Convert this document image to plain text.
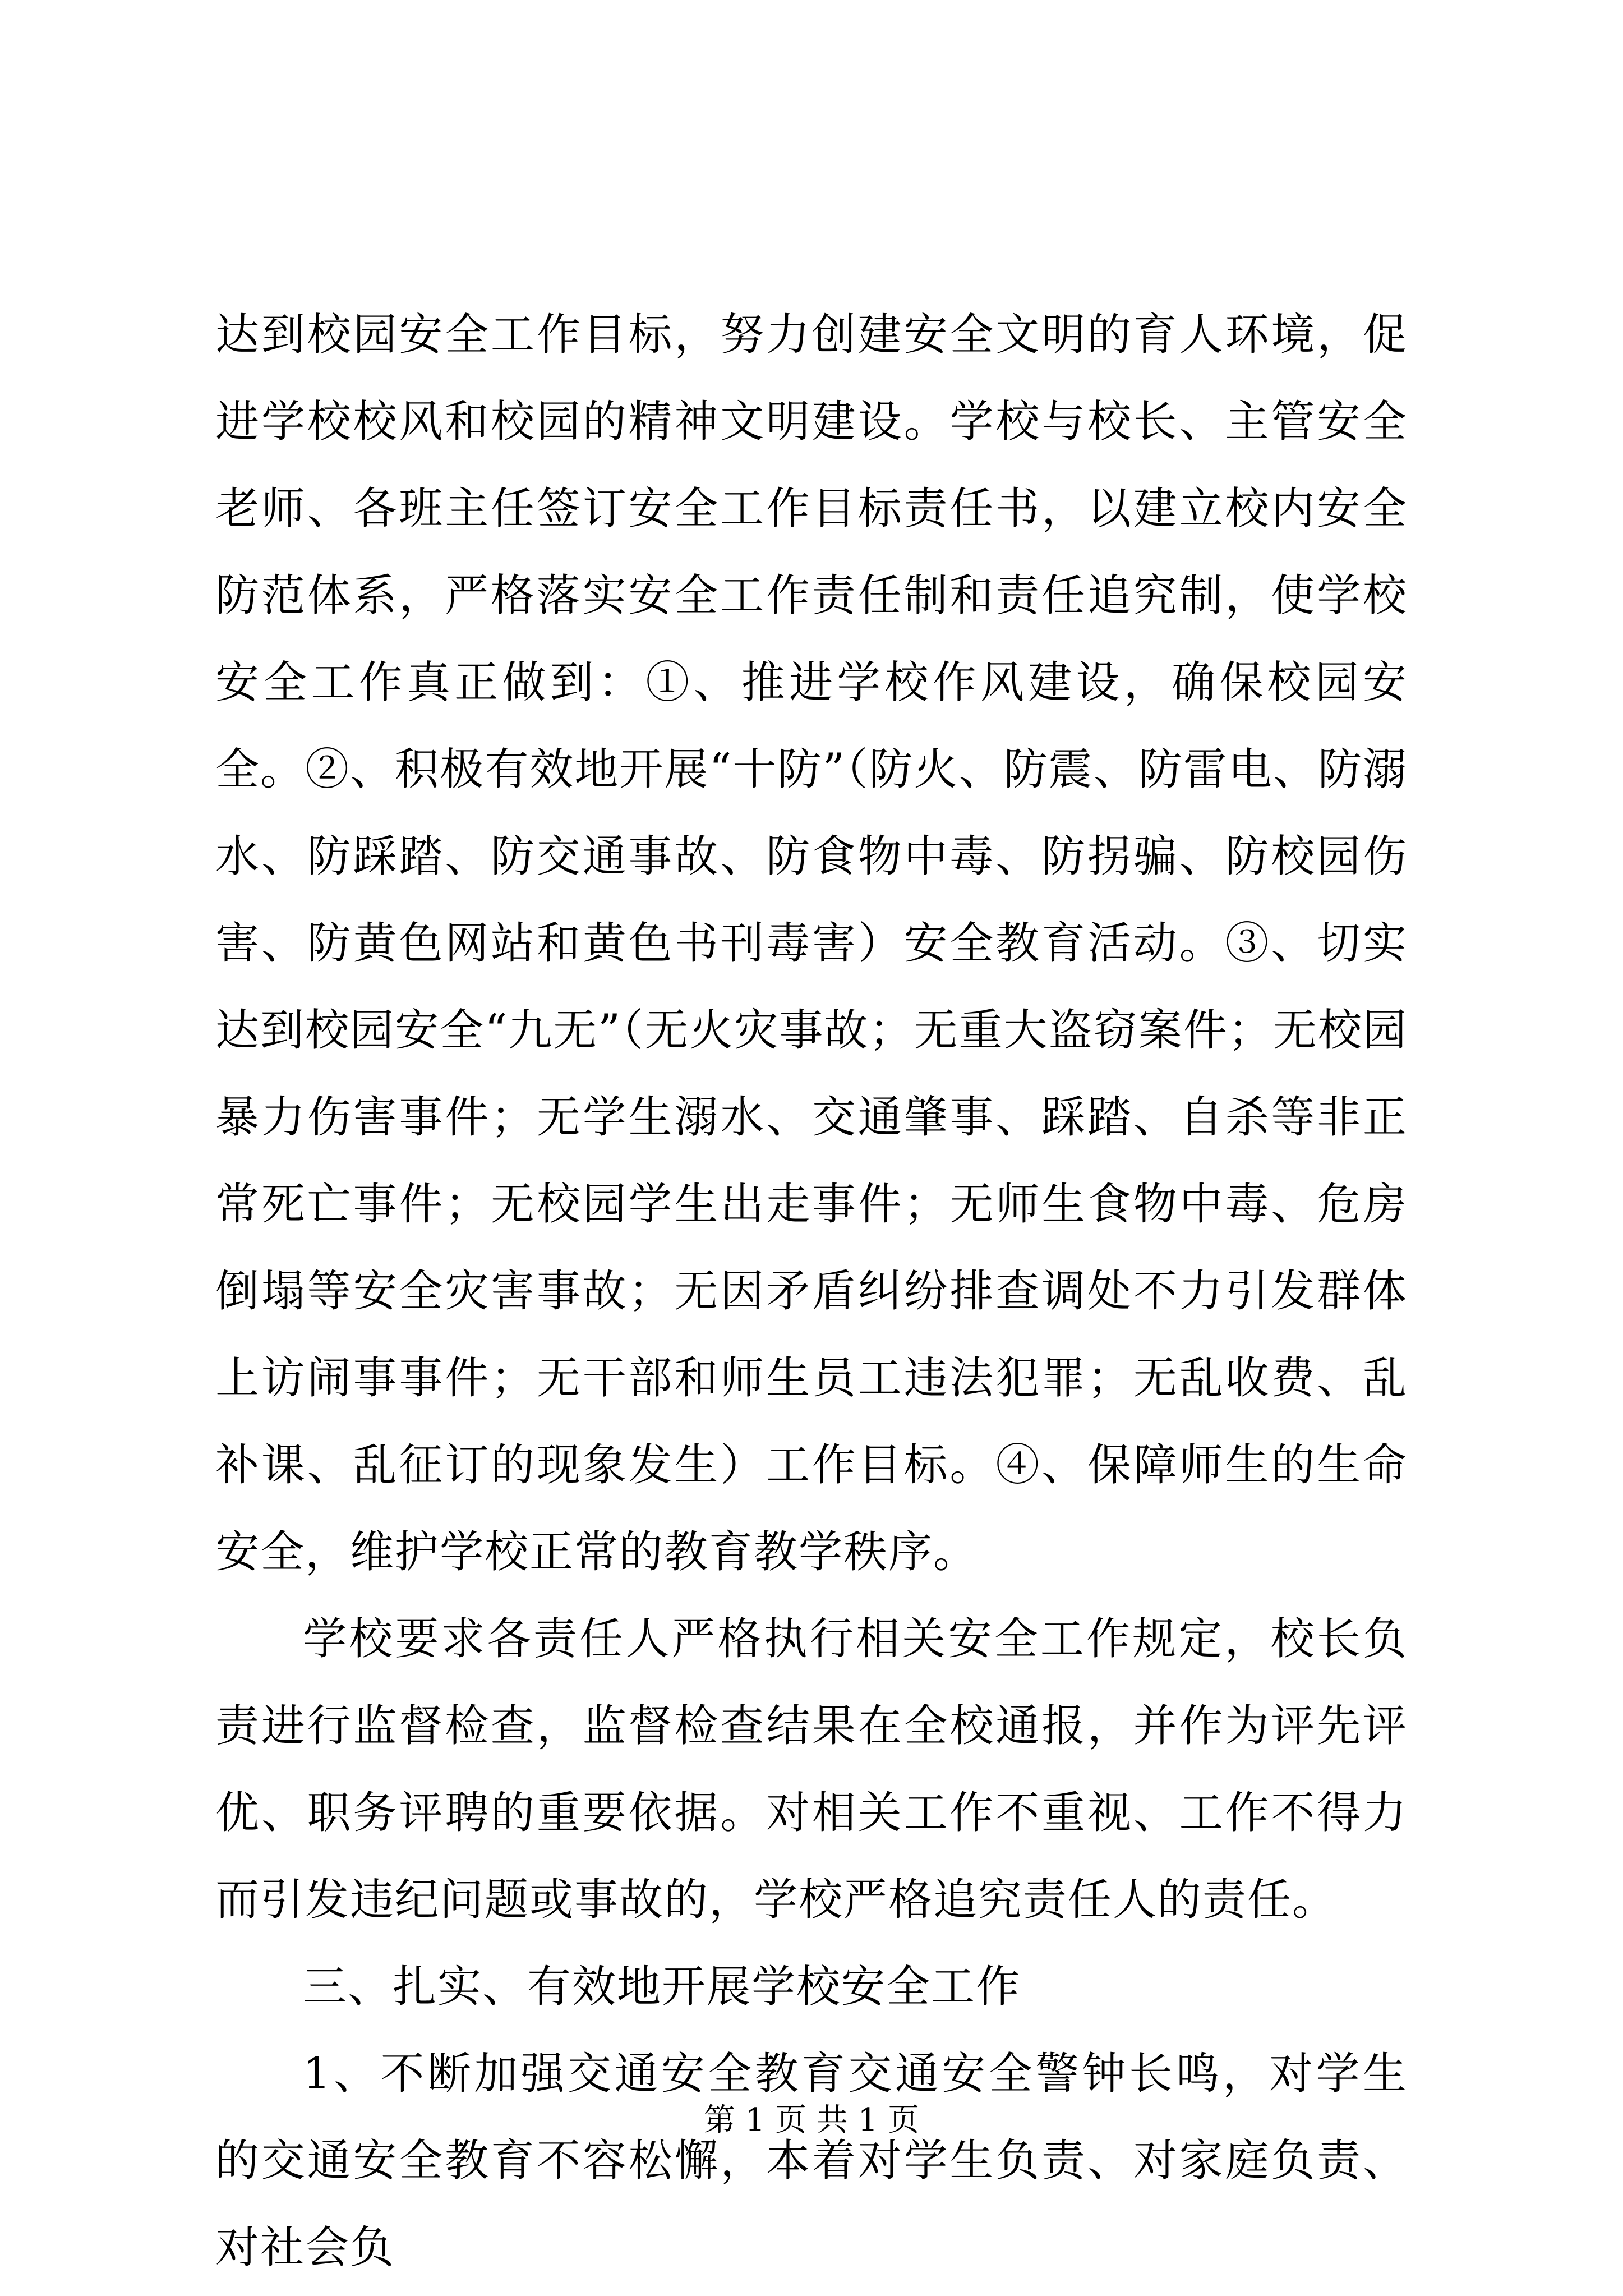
达到校园安全工作目标，努力创建安全文明的育人环境，促进学校校风和校园的精神文明建设。学校与校长、主管安全老师、各班主任签订安全工作目标责任书，以建立校内安全防范体系，严格落实安全工作责任制和责任追究制，使学校安全工作真正做到：①、推进学校作风建设，确保校园安全。②、积极有效地开展“十防”（防火、防震、防雷电、防溺水、防踩踏、防交通事故、防食物中毒、防拐骗、防校园伤害、防黄色网站和黄色书刊毒害）安全教育活动。③、切实达到校园安全“九无”（无火灾事故；无重大盗窃案件；无校园暴力伤害事件；无学生溺水、交通肇事、踩踏、自杀等非正常死亡事件；无校园学生出走事件；无师生食物中毒、危房倒塌等安全灾害事故；无因矛盾纠纷排查调处不力引发群体上访闹事事件；无干部和师生员工违法犯罪；无乱收费、乱补课、乱征订的现象发生）工作目标。④、保障师生的生命安全，维护学校正常的教育教学秩序。

学校要求各责任人严格执行相关安全工作规定，校长负责进行监督检查，监督检查结果在全校通报，并作为评先评优、职务评聘的重要依据。对相关工作不重视、工作不得力而引发违纪问题或事故的，学校严格追究责任人的责任。

三、扎实、有效地开展学校安全工作

1、不断加强交通安全教育交通安全警钟长鸣，对学生的交通安全教育不容松懈，本着对学生负责、对家庭负责、对社会负

第 1 页 共 1 页
